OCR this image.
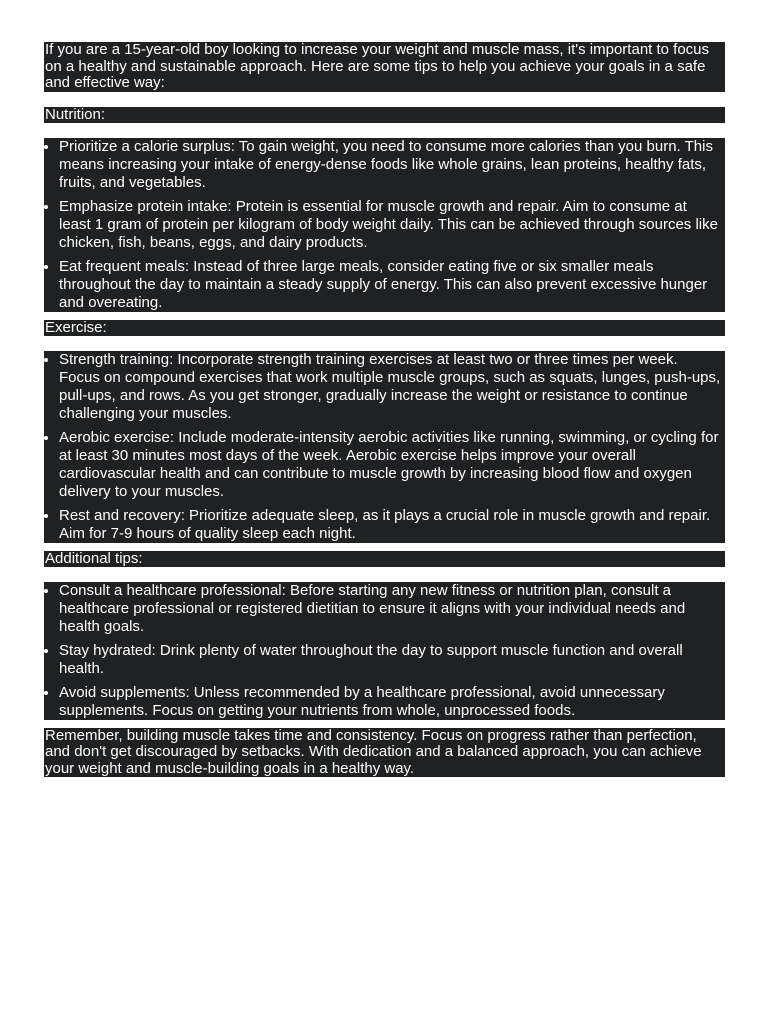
If you are a 15-year-old boy looking to increase your weight and muscle mass, it's important to focus on a healthy and sustainable approach. Here are some tips to help you achieve your goals in a safe and effective way:
Nutrition:
Prioritize a calorie surplus: To gain weight, you need to consume more calories than you burn. This means increasing your intake of energy-dense foods like whole grains, lean proteins, healthy fats, fruits, and vegetables.
Emphasize protein intake: Protein is essential for muscle growth and repair. Aim to consume at least 1 gram of protein per kilogram of body weight daily. This can be achieved through sources like chicken, fish, beans, eggs, and dairy products.
Eat frequent meals: Instead of three large meals, consider eating five or six smaller meals throughout the day to maintain a steady supply of energy. This can also prevent excessive hunger and overeating.
Exercise:
Strength training: Incorporate strength training exercises at least two or three times per week. Focus on compound exercises that work multiple muscle groups, such as squats, lunges, push-ups, pull-ups, and rows. As you get stronger, gradually increase the weight or resistance to continue challenging your muscles.
Aerobic exercise: Include moderate-intensity aerobic activities like running, swimming, or cycling for at least 30 minutes most days of the week. Aerobic exercise helps improve your overall cardiovascular health and can contribute to muscle growth by increasing blood flow and oxygen delivery to your muscles.
Rest and recovery: Prioritize adequate sleep, as it plays a crucial role in muscle growth and repair. Aim for 7-9 hours of quality sleep each night.
Additional tips:
Consult a healthcare professional: Before starting any new fitness or nutrition plan, consult a healthcare professional or registered dietitian to ensure it aligns with your individual needs and health goals.
Stay hydrated: Drink plenty of water throughout the day to support muscle function and overall health.
Avoid supplements: Unless recommended by a healthcare professional, avoid unnecessary supplements. Focus on getting your nutrients from whole, unprocessed foods.
Remember, building muscle takes time and consistency. Focus on progress rather than perfection, and don't get discouraged by setbacks. With dedication and a balanced approach, you can achieve your weight and muscle-building goals in a healthy way.
